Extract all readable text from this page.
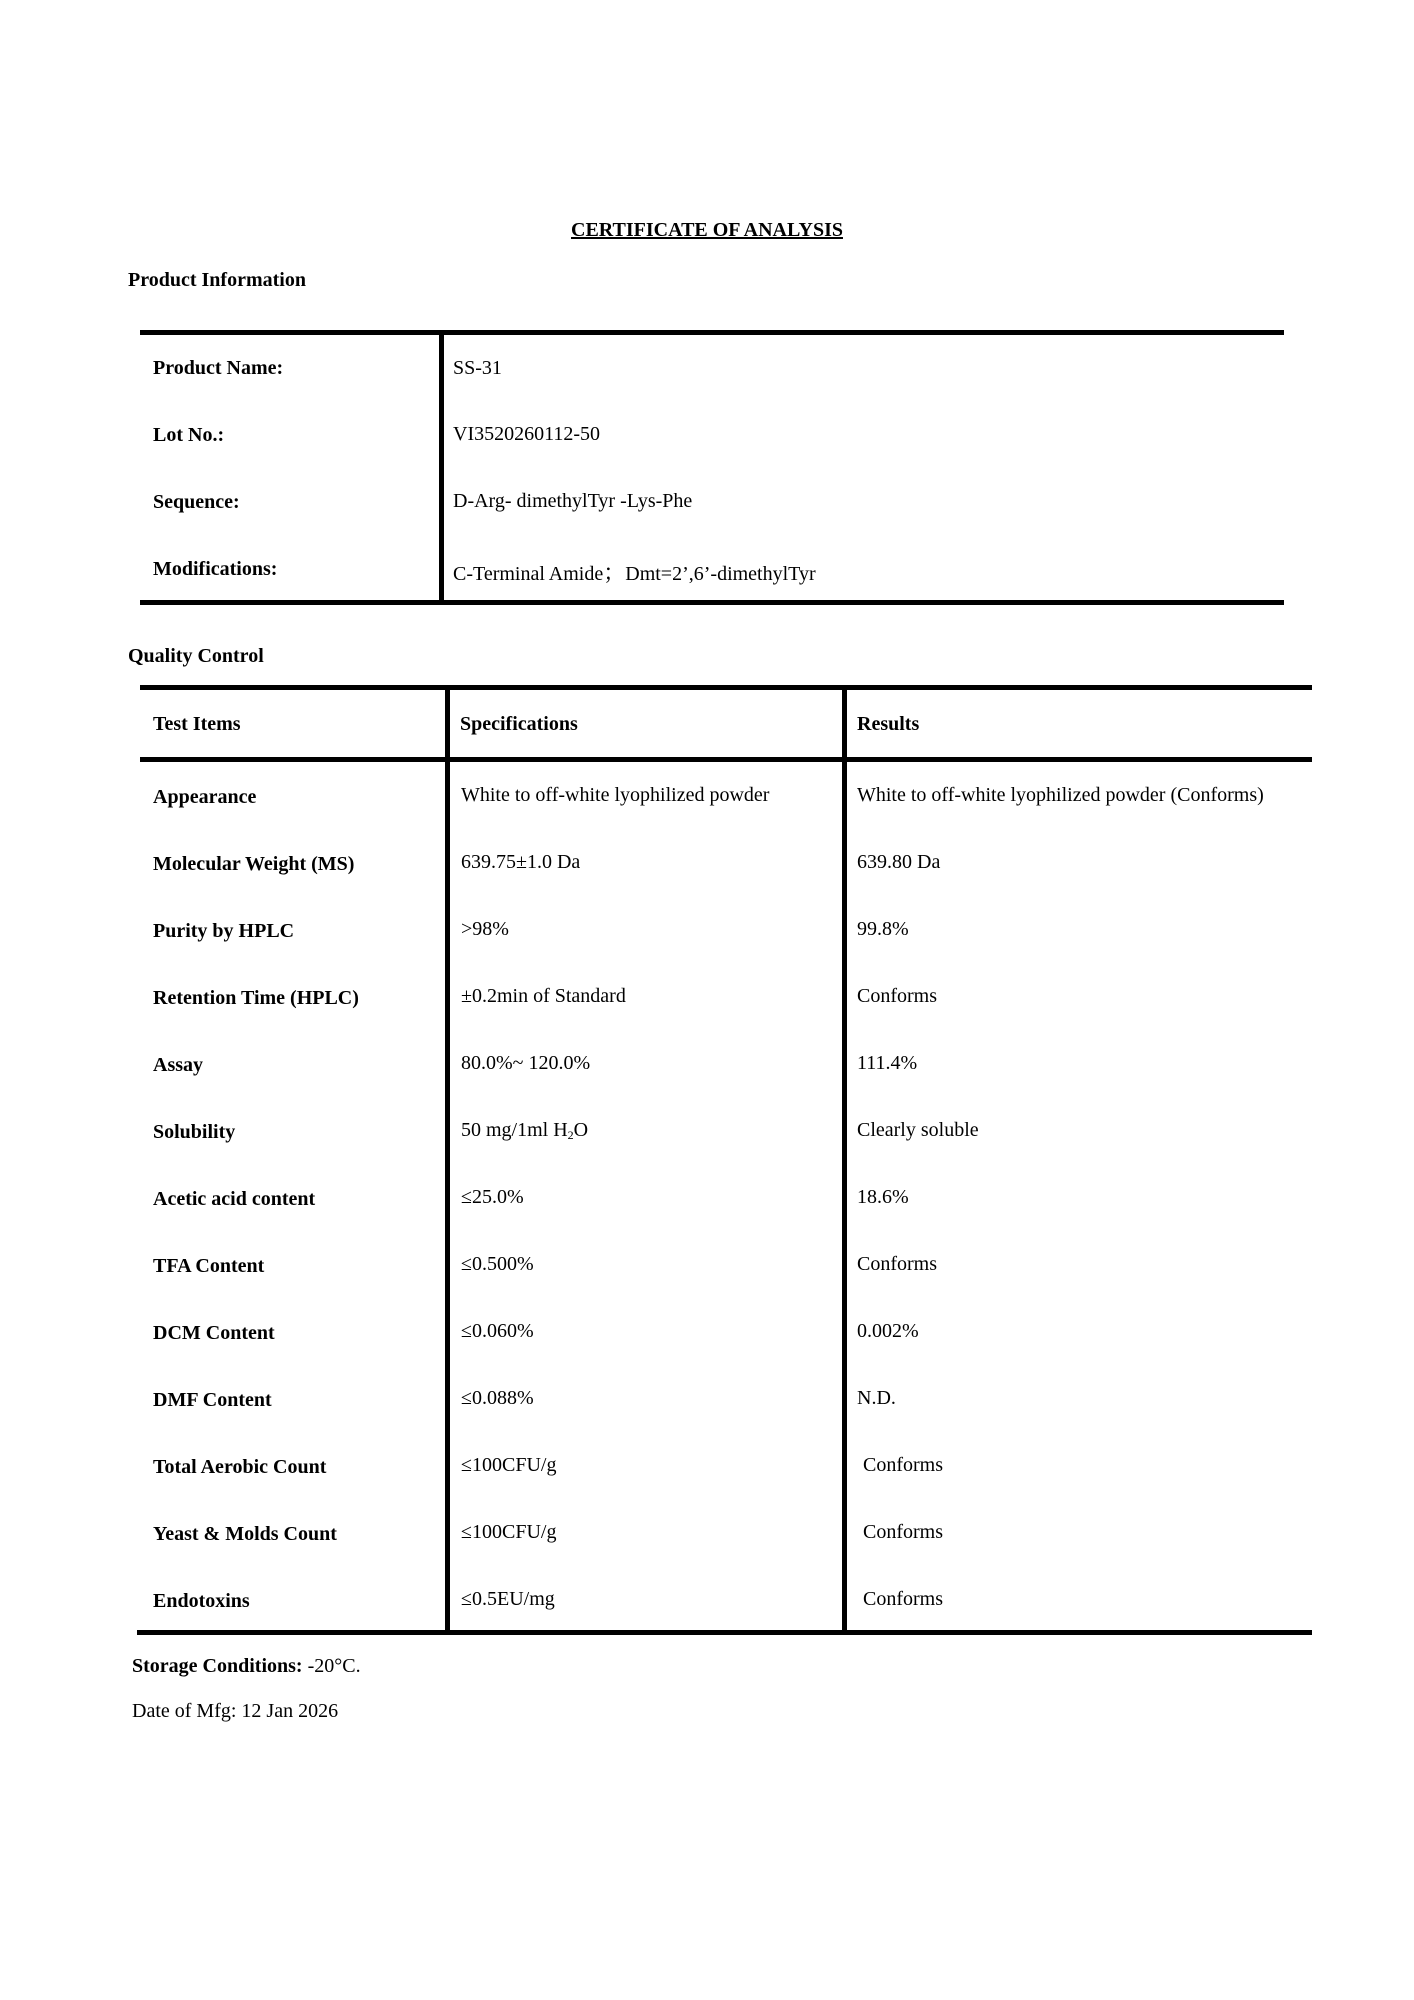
CERTIFICATE OF ANALYSIS
Product Information
Product Name:	SS-31
Lot No.:	VI3520260112-50
Sequence:	D-Arg- dimethylTyr -Lys-Phe
Modifications:	C-Terminal Amide；Dmt=2’,6’-dimethylTyr
Quality Control
Test Items	Specifications	Results
Appearance	White to off-white lyophilized powder	White to off-white lyophilized powder (Conforms)
Molecular Weight (MS)	639.75±1.0 Da	639.80 Da
Purity by HPLC	>98%	99.8%
Retention Time (HPLC)	±0.2min of Standard	Conforms
Assay	80.0%~ 120.0%	111.4%
Solubility	50 mg/1ml $H_2O$	Clearly soluble
Acetic acid content	≤25.0%	18.6%
TFA Content	≤0.500%	Conforms
DCM Content	≤0.060%	0.002%
DMF Content	≤0.088%	N.D.
Total Aerobic Count	≤100CFU/g	Conforms
Yeast & Molds Count	≤100CFU/g	Conforms
Endotoxins	≤0.5EU/mg	Conforms
Storage Conditions: -20°C.
Date of Mfg: 12 Jan 2026
